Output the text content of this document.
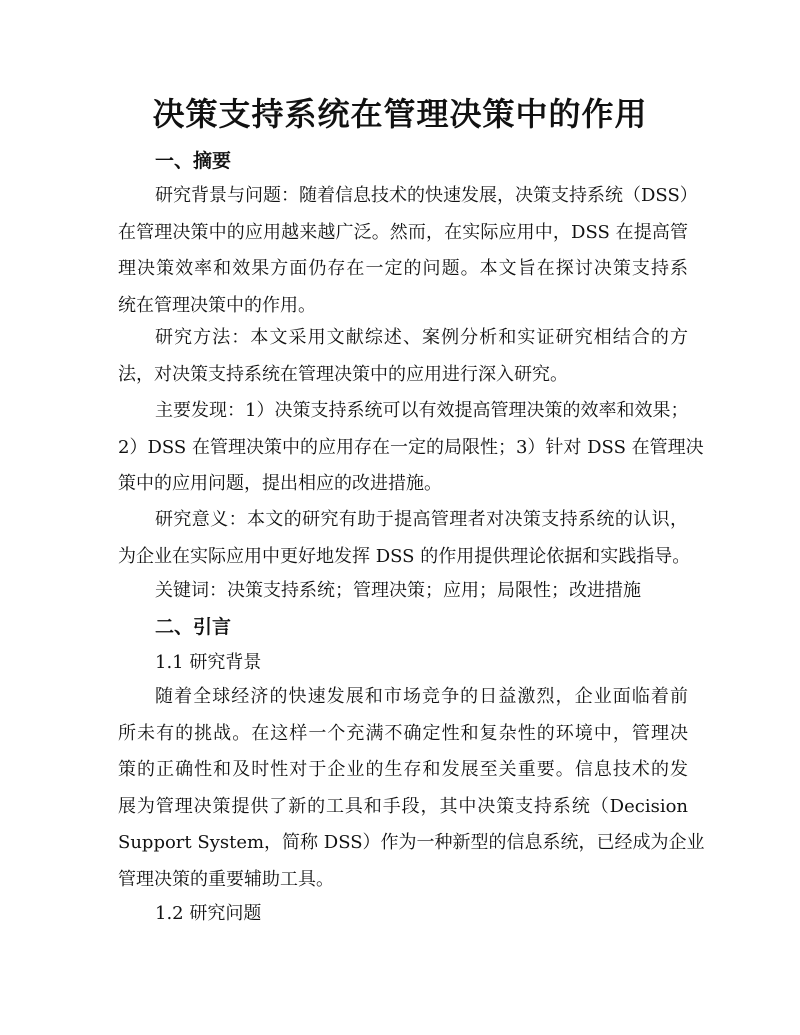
决策支持系统在管理决策中的作用
一、摘要
研究背景与问题：随着信息技术的快速发展，决策支持系统（DSS）
在管理决策中的应用越来越广泛。然而，在实际应用中，DSS 在提高管
理决策效率和效果方面仍存在一定的问题。本文旨在探讨决策支持系
统在管理决策中的作用。
研究方法：本文采用文献综述、案例分析和实证研究相结合的方
法，对决策支持系统在管理决策中的应用进行深入研究。
主要发现：1）决策支持系统可以有效提高管理决策的效率和效果；
2）DSS 在管理决策中的应用存在一定的局限性；3）针对 DSS 在管理决
策中的应用问题，提出相应的改进措施。
研究意义：本文的研究有助于提高管理者对决策支持系统的认识，
为企业在实际应用中更好地发挥 DSS 的作用提供理论依据和实践指导。
关键词：决策支持系统；管理决策；应用；局限性；改进措施
二、引言
1.1 研究背景
随着全球经济的快速发展和市场竞争的日益激烈，企业面临着前
所未有的挑战。在这样一个充满不确定性和复杂性的环境中，管理决
策的正确性和及时性对于企业的生存和发展至关重要。信息技术的发
展为管理决策提供了新的工具和手段，其中决策支持系统（Decision
Support System，简称 DSS）作为一种新型的信息系统，已经成为企业
管理决策的重要辅助工具。
1.2 研究问题
